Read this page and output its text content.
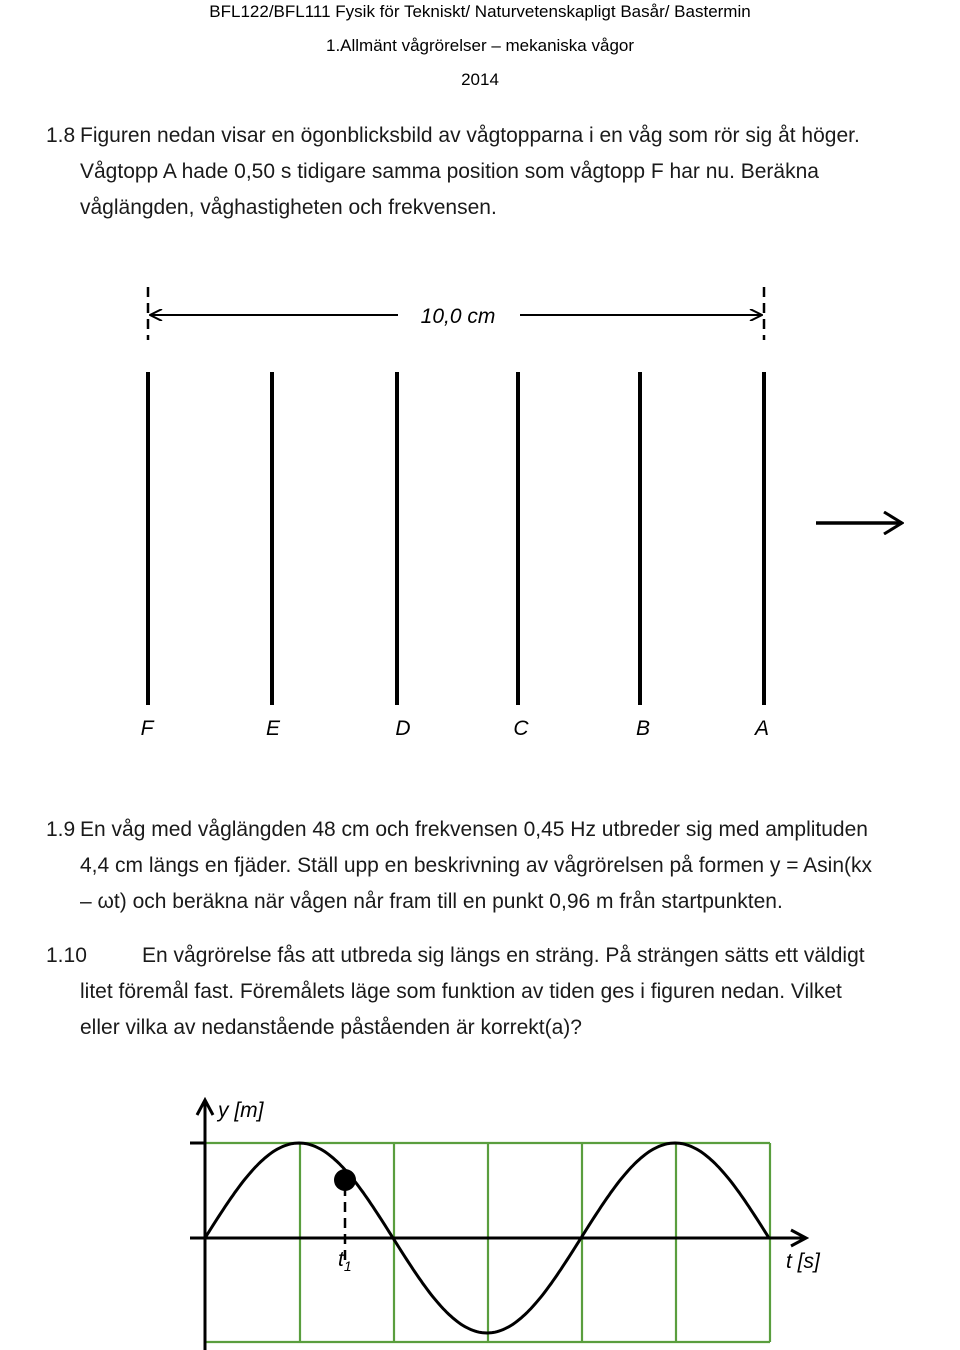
BFL122/BFL111 Fysik för Tekniskt/ Naturvetenskapligt Basår/ Bastermin
1.Allmänt vågrörelser – mekaniska vågor
2014
1.8 Figuren nedan visar en ögonblicksbild av vågtopparna i en våg som rör sig åt höger.
Vågtopp A hade 0,50 s tidigare samma position som vågtopp F har nu. Beräkna
våglängden, våghastigheten och frekvensen.
10,0 cm
F	E	D	C	B	A
1.9 En våg med våglängden 48 cm och frekvensen 0,45 Hz utbreder sig med amplituden
4,4 cm längs en fjäder. Ställ upp en beskrivning av vågrörelsen på formen y = Asin(kx
– ωt) och beräkna när vågen når fram till en punkt 0,96 m från startpunkten.
1.10	En vågrörelse fås att utbreda sig längs en sträng. På strängen sätts ett väldigt
litet föremål fast. Föremålets läge som funktion av tiden ges i figuren nedan. Vilket
eller vilka av nedanstående påståenden är korrekt(a)?
y [m]
t [s]
$t_1$
